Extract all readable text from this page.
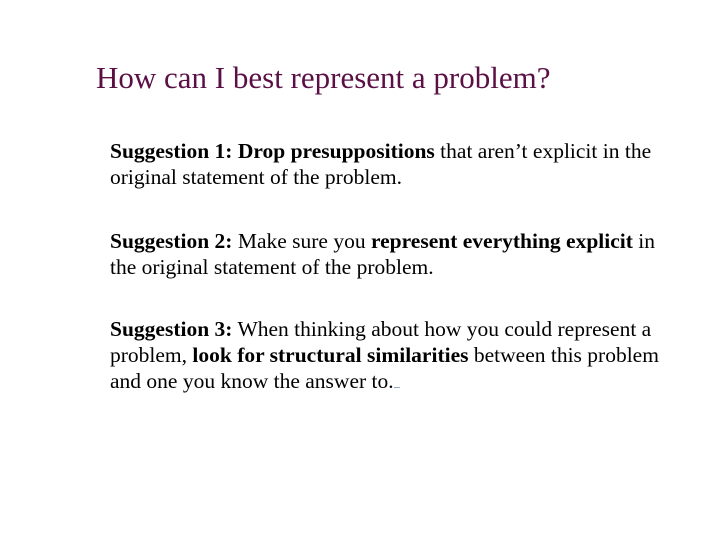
How can I best represent a problem?
Suggestion 1: Drop presuppositions that aren’t explicit in the original statement of the problem.
Suggestion 2: Make sure you represent everything explicit in the original statement of the problem.
Suggestion 3: When thinking about how you could represent a problem, look for structural similarities between this problem and one you know the answer to.
